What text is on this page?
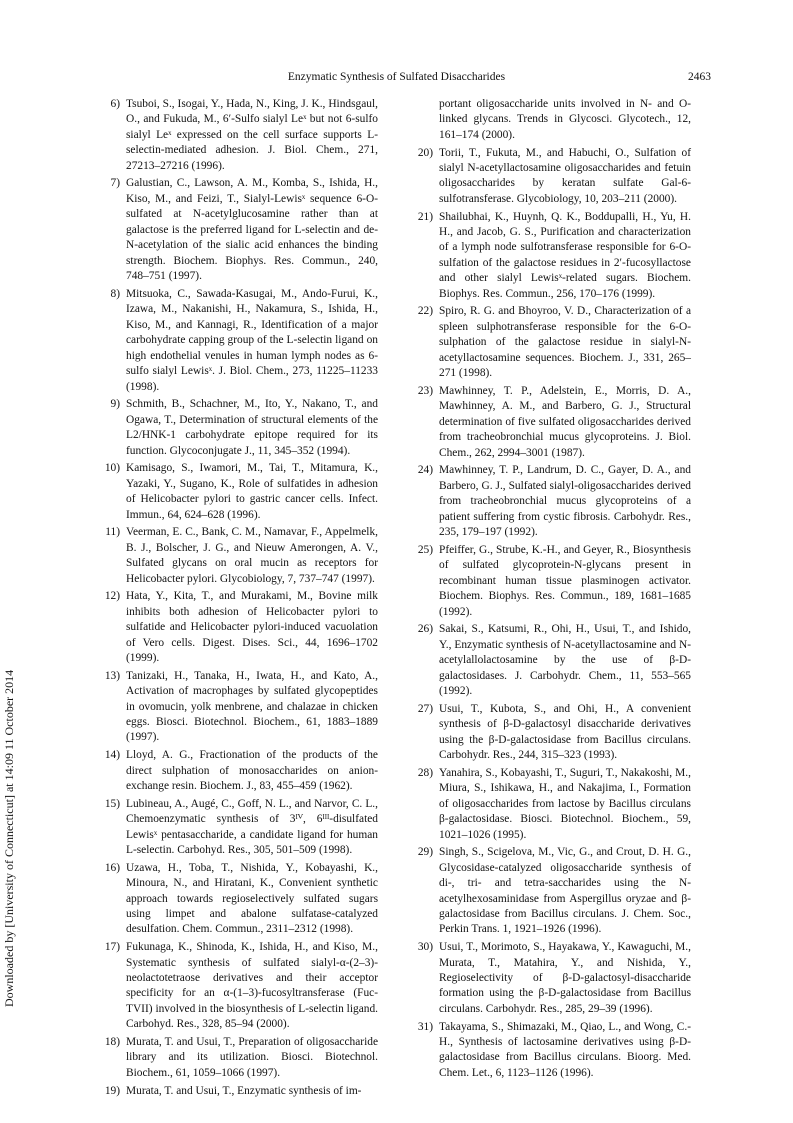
Enzymatic Synthesis of Sulfated Disaccharides	2463
Downloaded by [University of Connecticut] at 14:09 11 October 2014
6) Tsuboi, S., Isogai, Y., Hada, N., King, J. K., Hindsgaul, O., and Fukuda, M., 6′-Sulfo sialyl Leˣ but not 6-sulfo sialyl Leˣ expressed on the cell surface supports L-selectin-mediated adhesion. J. Biol. Chem., 271, 27213–27216 (1996).
7) Galustian, C., Lawson, A. M., Komba, S., Ishida, H., Kiso, M., and Feizi, T., Sialyl-Lewisˣ sequence 6-O-sulfated at N-acetylglucosamine rather than at galactose is the preferred ligand for L-selectin and de-N-acetylation of the sialic acid enhances the binding strength. Biochem. Biophys. Res. Commun., 240, 748–751 (1997).
8) Mitsuoka, C., Sawada-Kasugai, M., Ando-Furui, K., Izawa, M., Nakanishi, H., Nakamura, S., Ishida, H., Kiso, M., and Kannagi, R., Identification of a major carbohydrate capping group of the L-selectin ligand on high endothelial venules in human lymph nodes as 6-sulfo sialyl Lewisˣ. J. Biol. Chem., 273, 11225–11233 (1998).
9) Schmith, B., Schachner, M., Ito, Y., Nakano, T., and Ogawa, T., Determination of structural elements of the L2/HNK-1 carbohydrate epitope required for its function. Glycoconjugate J., 11, 345–352 (1994).
10) Kamisago, S., Iwamori, M., Tai, T., Mitamura, K., Yazaki, Y., Sugano, K., Role of sulfatides in adhesion of Helicobacter pylori to gastric cancer cells. Infect. Immun., 64, 624–628 (1996).
11) Veerman, E. C., Bank, C. M., Namavar, F., Appelmelk, B. J., Bolscher, J. G., and Nieuw Amerongen, A. V., Sulfated glycans on oral mucin as receptors for Helicobacter pylori. Glycobiology, 7, 737–747 (1997).
12) Hata, Y., Kita, T., and Murakami, M., Bovine milk inhibits both adhesion of Helicobacter pylori to sulfatide and Helicobacter pylori-induced vacuolation of Vero cells. Digest. Dises. Sci., 44, 1696–1702 (1999).
13) Tanizaki, H., Tanaka, H., Iwata, H., and Kato, A., Activation of macrophages by sulfated glycopeptides in ovomucin, yolk menbrene, and chalazae in chicken eggs. Biosci. Biotechnol. Biochem., 61, 1883–1889 (1997).
14) Lloyd, A. G., Fractionation of the products of the direct sulphation of monosaccharides on anion-exchange resin. Biochem. J., 83, 455–459 (1962).
15) Lubineau, A., Augé, C., Goff, N. L., and Narvor, C. L., Chemoenzymatic synthesis of 3ᴵⱽ, 6ᴵᴵᴵ-disulfated Lewisˣ pentasaccharide, a candidate ligand for human L-selectin. Carbohyd. Res., 305, 501–509 (1998).
16) Uzawa, H., Toba, T., Nishida, Y., Kobayashi, K., Minoura, N., and Hiratani, K., Convenient synthetic approach towards regioselectively sulfated sugars using limpet and abalone sulfatase-catalyzed desulfation. Chem. Commun., 2311–2312 (1998).
17) Fukunaga, K., Shinoda, K., Ishida, H., and Kiso, M., Systematic synthesis of sulfated sialyl-α-(2–3)-neolactotetraose derivatives and their acceptor specificity for an α-(1–3)-fucosyltransferase (Fuc-TVII) involved in the biosynthesis of L-selectin ligand. Carbohyd. Res., 328, 85–94 (2000).
18) Murata, T. and Usui, T., Preparation of oligosaccharide library and its utilization. Biosci. Biotechnol. Biochem., 61, 1059–1066 (1997).
19) Murata, T. and Usui, T., Enzymatic synthesis of im-
portant oligosaccharide units involved in N- and O-linked glycans. Trends in Glycosci. Glycotech., 12, 161–174 (2000).
20) Torii, T., Fukuta, M., and Habuchi, O., Sulfation of sialyl N-acetyllactosamine oligosaccharides and fetuin oligosaccharides by keratan sulfate Gal-6-sulfotransferase. Glycobiology, 10, 203–211 (2000).
21) Shailubhai, K., Huynh, Q. K., Boddupalli, H., Yu, H. H., and Jacob, G. S., Purification and characterization of a lymph node sulfotransferase responsible for 6-O-sulfation of the galactose residues in 2′-fucosyllactose and other sialyl Lewisˣ-related sugars. Biochem. Biophys. Res. Commun., 256, 170–176 (1999).
22) Spiro, R. G. and Bhoyroo, V. D., Characterization of a spleen sulphotransferase responsible for the 6-O-sulphation of the galactose residue in sialyl-N-acetyllactosamine sequences. Biochem. J., 331, 265–271 (1998).
23) Mawhinney, T. P., Adelstein, E., Morris, D. A., Mawhinney, A. M., and Barbero, G. J., Structural determination of five sulfated oligosaccharides derived from tracheobronchial mucus glycoproteins. J. Biol. Chem., 262, 2994–3001 (1987).
24) Mawhinney, T. P., Landrum, D. C., Gayer, D. A., and Barbero, G. J., Sulfated sialyl-oligosaccharides derived from tracheobronchial mucus glycoproteins of a patient suffering from cystic fibrosis. Carbohydr. Res., 235, 179–197 (1992).
25) Pfeiffer, G., Strube, K.-H., and Geyer, R., Biosynthesis of sulfated glycoprotein-N-glycans present in recombinant human tissue plasminogen activator. Biochem. Biophys. Res. Commun., 189, 1681–1685 (1992).
26) Sakai, S., Katsumi, R., Ohi, H., Usui, T., and Ishido, Y., Enzymatic synthesis of N-acetyllactosamine and N-acetylallolactosamine by the use of β-D-galactosidases. J. Carbohydr. Chem., 11, 553–565 (1992).
27) Usui, T., Kubota, S., and Ohi, H., A convenient synthesis of β-D-galactosyl disaccharide derivatives using the β-D-galactosidase from Bacillus circulans. Carbohydr. Res., 244, 315–323 (1993).
28) Yanahira, S., Kobayashi, T., Suguri, T., Nakakoshi, M., Miura, S., Ishikawa, H., and Nakajima, I., Formation of oligosaccharides from lactose by Bacillus circulans β-galactosidase. Biosci. Biotechnol. Biochem., 59, 1021–1026 (1995).
29) Singh, S., Scigelova, M., Vic, G., and Crout, D. H. G., Glycosidase-catalyzed oligosaccharide synthesis of di-, tri- and tetra-saccharides using the N-acetylhexosaminidase from Aspergillus oryzae and β-galactosidase from Bacillus circulans. J. Chem. Soc., Perkin Trans. 1, 1921–1926 (1996).
30) Usui, T., Morimoto, S., Hayakawa, Y., Kawaguchi, M., Murata, T., Matahira, Y., and Nishida, Y., Regioselectivity of β-D-galactosyl-disaccharide formation using the β-D-galactosidase from Bacillus circulans. Carbohydr. Res., 285, 29–39 (1996).
31) Takayama, S., Shimazaki, M., Qiao, L., and Wong, C.-H., Synthesis of lactosamine derivatives using β-D-galactosidase from Bacillus circulans. Bioorg. Med. Chem. Let., 6, 1123–1126 (1996).
